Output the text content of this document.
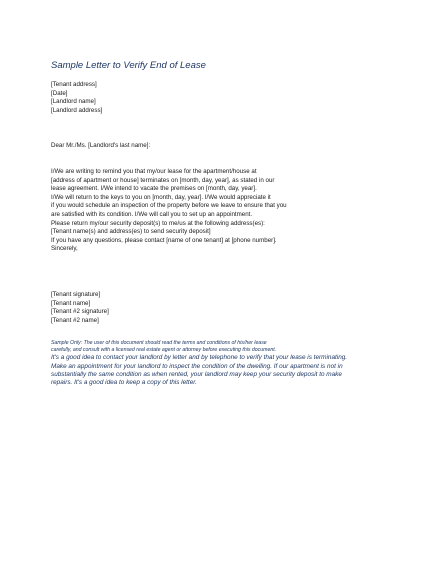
Sample Letter to Verify End of Lease
[Tenant address]
[Date]
[Landlord name]
[Landlord address]
Dear Mr./Ms. [Landlord's last name]:
I/We are writing to remind you that my/our lease for the apartment/house at
[address of apartment or house] terminates on [month, day, year], as stated in our
lease agreement. I/We intend to vacate the premises on [month, day, year].
I/We will return to the keys to you on [month, day, year]. I/We would appreciate it
if you would schedule an inspection of the property before we leave to ensure that you
are satisfied with its condition. I/We will call you to set up an appointment.
Please return my/our security deposit(s) to me/us at the following address(es):
[Tenant name(s) and address(es) to send security deposit]
If you have any questions, please contact [name of one tenant] at [phone number].
Sincerely,
[Tenant signature]
[Tenant name]
[Tenant #2 signature]
[Tenant #2 name]
Sample Only: The user of this document should read the terms and conditions of his/her lease
carefully, and consult with a licensed real estate agent or attorney before executing this document.
It's a good idea to contact your landlord by letter and by telephone to verify that your lease is terminating.
Make an appointment for your landlord to inspect the condition of the dwelling. If our apartment is not in
substantially the same condition as when rented, your landlord may keep your security deposit to make
repairs. It's a good idea to keep a copy of this letter.
